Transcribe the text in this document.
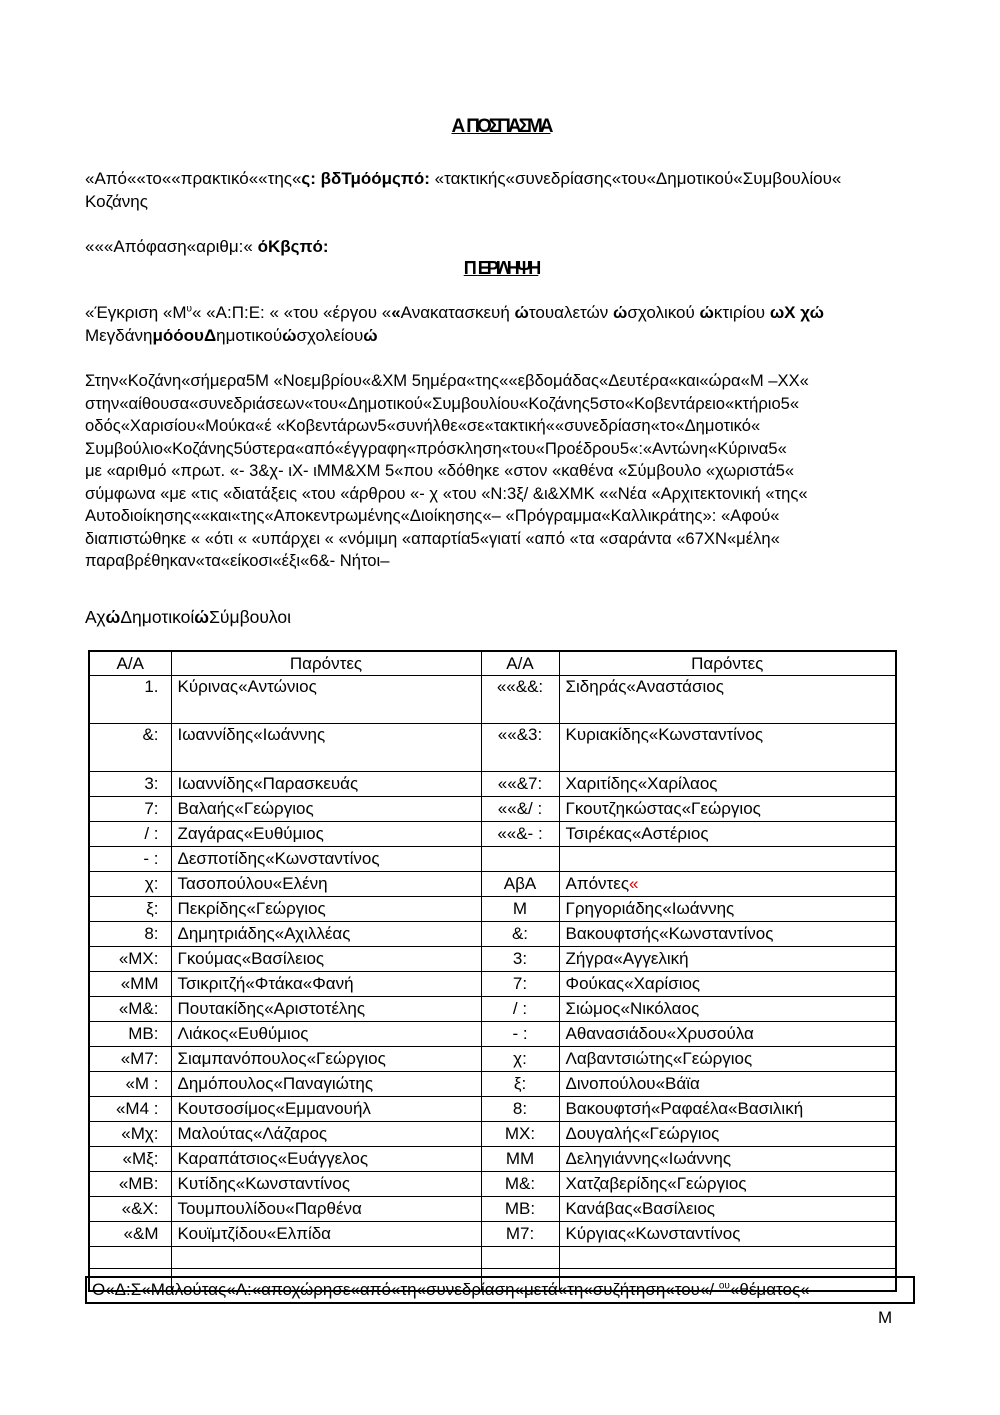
ΑΠΟΣΠΑΣΜΑ
«Από««το««πρακτικό««της«ς: βδΤμόόμςπό: «τακτικής«συνεδρίασης«του«Δημοτικού«Συμβουλίου«
Κοζάνης
«««Απόφαση«αριθμ:« όΚβςπό:
ΠΕΡΙΛΗΨΗ
«Έγκριση «$M^\upsilon«$ «Α:Π:Ε: « «του «έργου ««Ανακατασκευή ώτουαλετών ώσχολικού ώκτιρίου ωΧ χώ
ΜεγδάνημόόουΔημοτικούώσχολείουώ
Στην«Κοζάνη«σήμερα5Μ «Νοεμβρίου«&ΧΜ 5ημέρα«της««εβδομάδας«Δευτέρα«και«ώρα«Μ –ΧΧ«
στην«αίθουσα«συνεδριάσεων«του«Δημοτικού«Συμβουλίου«Κοζάνης5στο«Κοβεντάρειο«κτήριο5«
οδός«Χαρισίου«Μούκα«έ «Κοβεντάρων5«συνήλθε«σε«τακτική««συνεδρίαση«το«Δημοτικό«
Συμβούλιο«Κοζάνης5ύστερα«από«έγγραφη«πρόσκληση«του«Προέδρου5«:«Αντώνη«Κύρινα5«
με «αριθμό «πρωτ. «- 3&χ- ιΧ- ιΜΜ&ΧΜ 5«που «δόθηκε «στον «καθένα «Σύμβουλο «χωριστά5«
σύμφωνα «με «τις «διατάξεις «του «άρθρου «- χ «του «Ν:3ξ/ &ι&ΧΜΚ ««Νέα «Αρχιτεκτονική «της«
Αυτοδιοίκησης««και«της«Αποκεντρωμένης«Διοίκησης«– «Πρόγραμμα«Καλλικράτης»: «Αφού«
διαπιστώθηκε « «ότι « «υπάρχει « «νόμιμη «απαρτία5«γιατί «από «τα «σαράντα «67ΧΝ«μέλη«
παραβρέθηκαν«τα«είκοσι«έξι«6&- Νήτοι–
ΑχώΔημοτικοίώΣύμβουλοι
Α/Α	Παρόντες	Α/Α	Παρόντες
1.	Κύρινας«Αντώνιος	««&&:	Σιδηράς«Αναστάσιος
&:	Ιωαννίδης«Ιωάννης	««&3:	Κυριακίδης«Κωνσταντίνος
3:	Ιωαννίδης«Παρασκευάς	««&7:	Χαριτίδης«Χαρίλαος
7:	Βαλαής«Γεώργιος	««&/ :	Γκουτζηκώστας«Γεώργιος
/ :	Ζαγάρας«Ευθύμιος	««&- :	Τσιρέκας«Αστέριος
- :	Δεσποτίδης«Κωνσταντίνος		
χ:	Τασοπούλου«Ελένη	ΑβΑ	Απόντες«
ξ:	Πεκρίδης«Γεώργιος	Μ	Γρηγοριάδης«Ιωάννης
8:	Δημητριάδης«Αχιλλέας	&:	Βακουφτσής«Κωνσταντίνος
«ΜΧ:	Γκούμας«Βασίλειος	3:	Ζήγρα«Αγγελική
«ΜΜ	Τσικριτζή«Φτάκα«Φανή	7:	Φούκας«Χαρίσιος
«Μ&:	Πουτακίδης«Αριστοτέλης	/ :	Σιώμος«Νικόλαος
ΜΒ:	Λιάκος«Ευθύμιος	- :	Αθανασιάδου«Χρυσούλα
«Μ7:	Σιαμπανόπουλος«Γεώργιος	χ:	Λαβαντσιώτης«Γεώργιος
«Μ :	Δημόπουλος«Παναγιώτης	ξ:	Δινοπούλου«Βάϊα
«Μ4 :	Κουτσοσίμος«Εμμανουήλ	8:	Βακουφτσή«Ραφαέλα«Βασιλική
«Μχ:	Μαλούτας«Λάζαρος	ΜΧ:	Δουγαλής«Γεώργιος
«Μξ:	Καραπάτσιος«Ευάγγελος	ΜΜ	Δεληγιάννης«Ιωάννης
«ΜΒ:	Κυτίδης«Κωνσταντίνος	Μ&:	Χατζαβερίδης«Γεώργιος
«&Χ:	Τουμπουλίδου«Παρθένα	ΜΒ:	Κανάβας«Βασίλειος
«&Μ	Κουϊμτζίδου«Ελπίδα	Μ7:	Κύργιας«Κωνσταντίνος

Ο«Δ:Σ«Μαλούτας«Λ:«αποχώρησε«από«τη«συνεδρίαση«μετά«τη«συζήτηση«του«/ $^{o\upsilon}$«θέματος«
Μ
